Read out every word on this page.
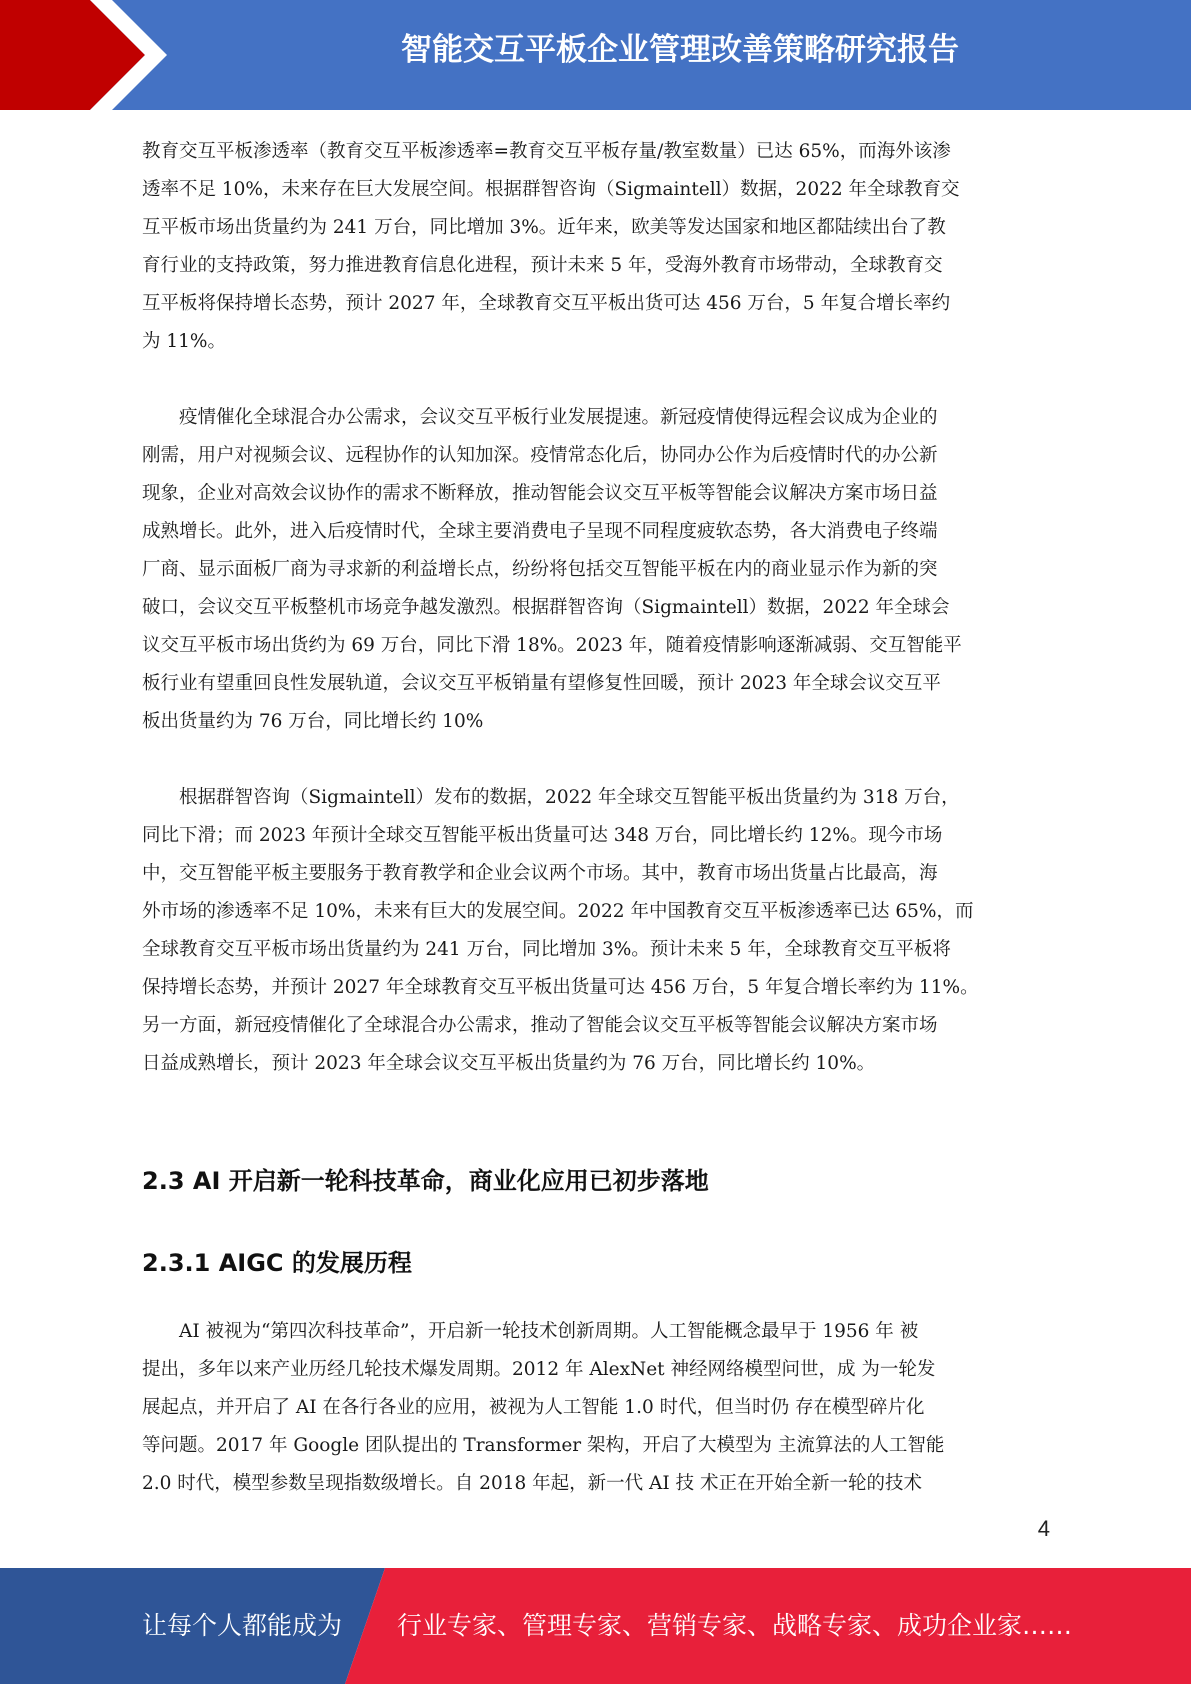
智能交互平板企业管理改善策略研究报告

教育交互平板渗透率（教育交互平板渗透率=教育交互平板存量/教室数量）已达 65%，而海外该渗
透率不足 10%，未来存在巨大发展空间。根据群智咨询（Sigmaintell）数据，2022 年全球教育交
互平板市场出货量约为 241 万台，同比增加 3%。近年来，欧美等发达国家和地区都陆续出台了教
育行业的支持政策，努力推进教育信息化进程，预计未来 5 年，受海外教育市场带动，全球教育交
互平板将保持增长态势，预计 2027 年，全球教育交互平板出货可达 456 万台，5 年复合增长率约
为 11%。

　　疫情催化全球混合办公需求，会议交互平板行业发展提速。新冠疫情使得远程会议成为企业的
刚需，用户对视频会议、远程协作的认知加深。疫情常态化后，协同办公作为后疫情时代的办公新
现象，企业对高效会议协作的需求不断释放，推动智能会议交互平板等智能会议解决方案市场日益
成熟增长。此外，进入后疫情时代，全球主要消费电子呈现不同程度疲软态势，各大消费电子终端
厂商、显示面板厂商为寻求新的利益增长点，纷纷将包括交互智能平板在内的商业显示作为新的突
破口，会议交互平板整机市场竞争越发激烈。根据群智咨询（Sigmaintell）数据，2022 年全球会
议交互平板市场出货约为 69 万台，同比下滑 18%。2023 年，随着疫情影响逐渐减弱、交互智能平
板行业有望重回良性发展轨道，会议交互平板销量有望修复性回暖，预计 2023 年全球会议交互平
板出货量约为 76 万台，同比增长约 10%

　　根据群智咨询（Sigmaintell）发布的数据，2022 年全球交互智能平板出货量约为 318 万台，
同比下滑；而 2023 年预计全球交互智能平板出货量可达 348 万台，同比增长约 12%。现今市场
中，交互智能平板主要服务于教育教学和企业会议两个市场。其中，教育市场出货量占比最高，海
外市场的渗透率不足 10%，未来有巨大的发展空间。2022 年中国教育交互平板渗透率已达 65%，而
全球教育交互平板市场出货量约为 241 万台，同比增加 3%。预计未来 5 年，全球教育交互平板将
保持增长态势，并预计 2027 年全球教育交互平板出货量可达 456 万台，5 年复合增长率约为 11%。
另一方面，新冠疫情催化了全球混合办公需求，推动了智能会议交互平板等智能会议解决方案市场
日益成熟增长，预计 2023 年全球会议交互平板出货量约为 76 万台，同比增长约 10%。

2.3 AI 开启新一轮科技革命，商业化应用已初步落地
2.3.1 AIGC 的发展历程

　　AI 被视为“第四次科技革命”，开启新一轮技术创新周期。人工智能概念最早于 1956 年 被
提出，多年以来产业历经几轮技术爆发周期。2012 年 AlexNet 神经网络模型问世，成 为一轮发
展起点，并开启了 AI 在各行各业的应用，被视为人工智能 1.0 时代，但当时仍 存在模型碎片化
等问题。2017 年 Google 团队提出的 Transformer 架构，开启了大模型为 主流算法的人工智能
2.0 时代，模型参数呈现指数级增长。自 2018 年起，新一代 AI 技 术正在开始全新一轮的技术

4
让每个人都能成为 行业专家、管理专家、营销专家、战略专家、成功企业家……
